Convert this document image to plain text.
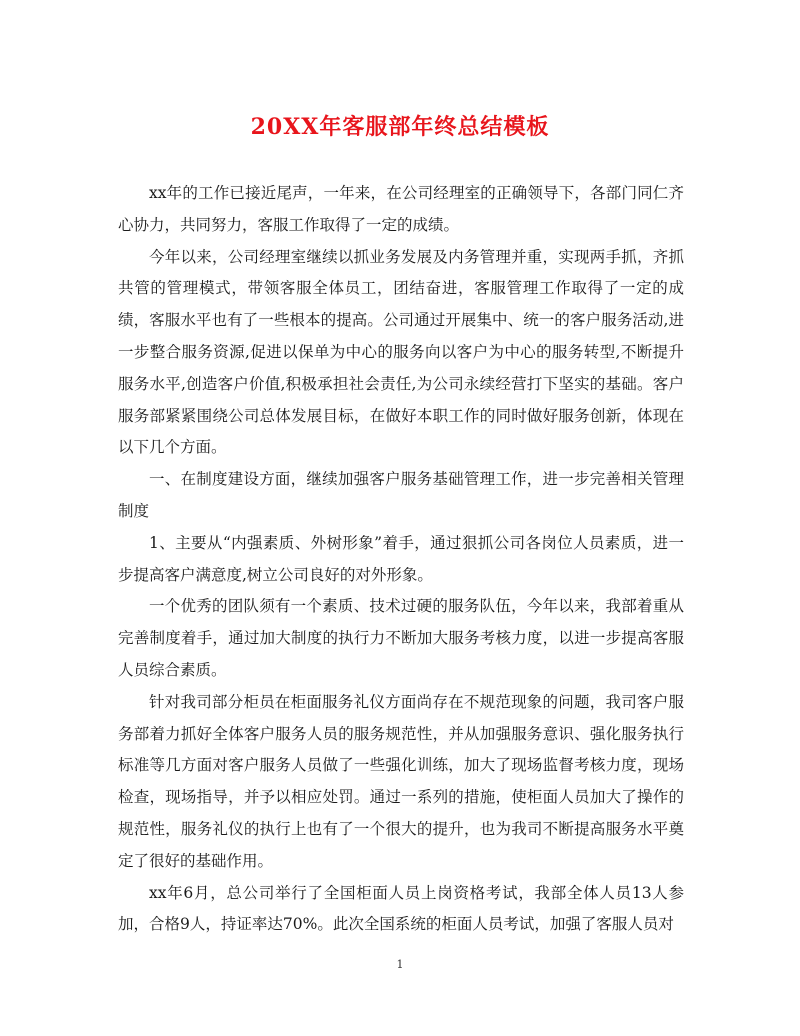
20XX年客服部年终总结模板

xx年的工作已接近尾声，一年来，在公司经理室的正确领导下，各部门同仁齐心协力，共同努力，客服工作取得了一定的成绩。

今年以来，公司经理室继续以抓业务发展及内务管理并重，实现两手抓，齐抓共管的管理模式，带领客服全体员工，团结奋进，客服管理工作取得了一定的成绩，客服水平也有了一些根本的提高。公司通过开展集中、统一的客户服务活动,进一步整合服务资源,促进以保单为中心的服务向以客户为中心的服务转型,不断提升服务水平,创造客户价值,积极承担社会责任,为公司永续经营打下坚实的基础。客户服务部紧紧围绕公司总体发展目标，在做好本职工作的同时做好服务创新，体现在以下几个方面。

一、在制度建设方面，继续加强客户服务基础管理工作，进一步完善相关管理制度

1、主要从“内强素质、外树形象”着手，通过狠抓公司各岗位人员素质，进一步提高客户满意度,树立公司良好的对外形象。

一个优秀的团队须有一个素质、技术过硬的服务队伍，今年以来，我部着重从完善制度着手，通过加大制度的执行力不断加大服务考核力度，以进一步提高客服人员综合素质。

针对我司部分柜员在柜面服务礼仪方面尚存在不规范现象的问题，我司客户服务部着力抓好全体客户服务人员的服务规范性，并从加强服务意识、强化服务执行标准等几方面对客户服务人员做了一些强化训练，加大了现场监督考核力度，现场检查，现场指导，并予以相应处罚。通过一系列的措施，使柜面人员加大了操作的规范性，服务礼仪的执行上也有了一个很大的提升，也为我司不断提高服务水平奠定了很好的基础作用。

xx年6月，总公司举行了全国柜面人员上岗资格考试，我部全体人员13人参加，合格9人，持证率达70%。此次全国系统的柜面人员考试，加强了客服人员对

1
